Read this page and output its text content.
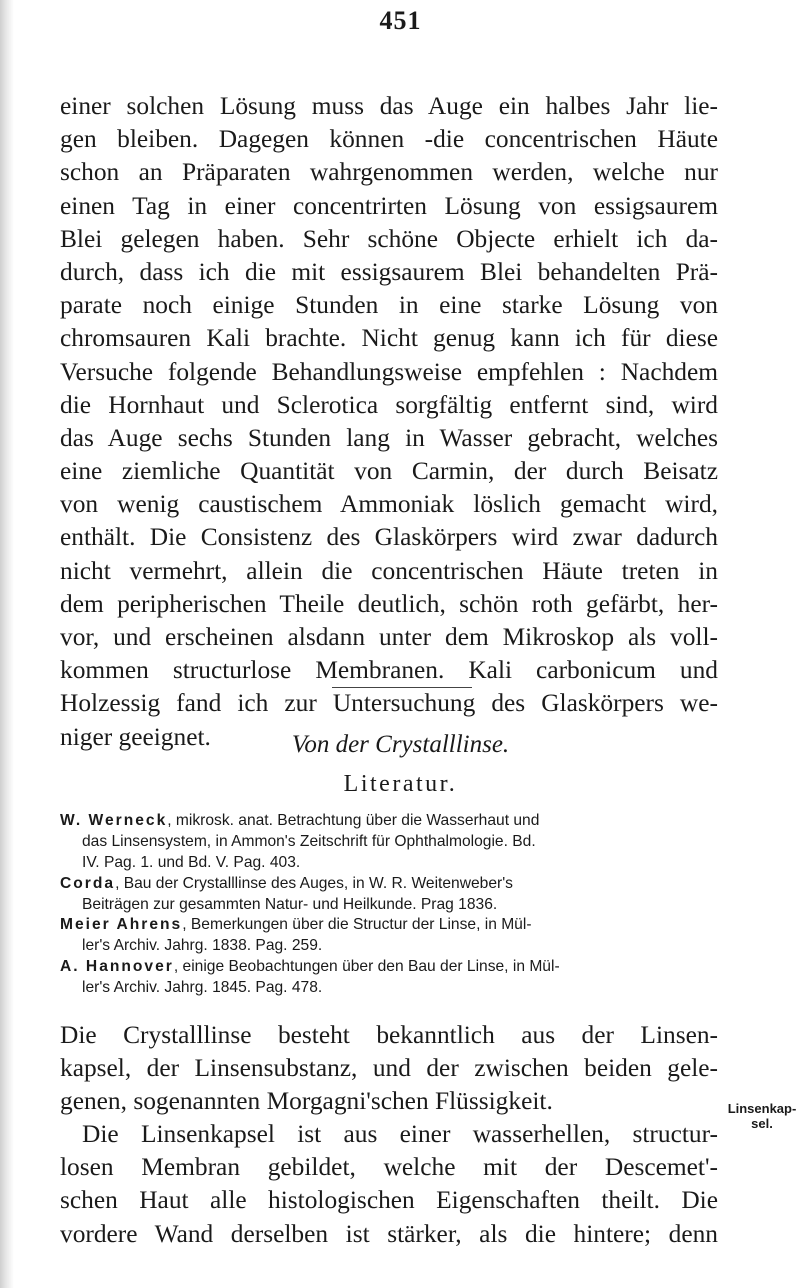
451
einer solchen Lösung muss das Auge ein halbes Jahr lie-
gen bleiben. Dagegen können -die concentrischen Häute
schon an Präparaten wahrgenommen werden, welche nur
einen Tag in einer concentrirten Lösung von essigsaurem
Blei gelegen haben. Sehr schöne Objecte erhielt ich da-
durch, dass ich die mit essigsaurem Blei behandelten Prä-
parate noch einige Stunden in eine starke Lösung von
chromsauren Kali brachte. Nicht genug kann ich für diese
Versuche folgende Behandlungsweise empfehlen : Nachdem
die Hornhaut und Sclerotica sorgfältig entfernt sind, wird
das Auge sechs Stunden lang in Wasser gebracht, welches
eine ziemliche Quantität von Carmin, der durch Beisatz
von wenig caustischem Ammoniak löslich gemacht wird,
enthält. Die Consistenz des Glaskörpers wird zwar dadurch
nicht vermehrt, allein die concentrischen Häute treten in
dem peripherischen Theile deutlich, schön roth gefärbt, her-
vor, und erscheinen alsdann unter dem Mikroskop als voll-
kommen structurlose Membranen. Kali carbonicum und
Holzessig fand ich zur Untersuchung des Glaskörpers we-
niger geeignet.	Von der Crystalllinse.
Literatur.
W. Werneck, mikrosk. anat. Betrachtung über die Wasserhaut und
das Linsensystem, in Ammon's Zeitschrift für Ophthalmologie. Bd.
IV. Pag. 1. und Bd. V. Pag. 403.
Corda, Bau der Crystalllinse des Auges, in W. R. Weitenweber's
Beiträgen zur gesammten Natur- und Heilkunde. Prag 1836.
Meier Ahrens, Bemerkungen über die Structur der Linse, in Mül-
ler's Archiv. Jahrg. 1838. Pag. 259.
A. Hannover, einige Beobachtungen über den Bau der Linse, in Mül-
ler's Archiv. Jahrg. 1845. Pag. 478.
Die Crystalllinse besteht bekanntlich aus der Linsen-
kapsel, der Linsensubstanz, und der zwischen beiden gele-
genen, sogenannten Morgagni'schen Flüssigkeit.
Die Linsenkapsel ist aus einer wasserhellen, structur-
losen Membran gebildet, welche mit der Descemet'-
schen Haut alle histologischen Eigenschaften theilt. Die
vordere Wand derselben ist stärker, als die hintere; denn
Linsenkap-
sel.
